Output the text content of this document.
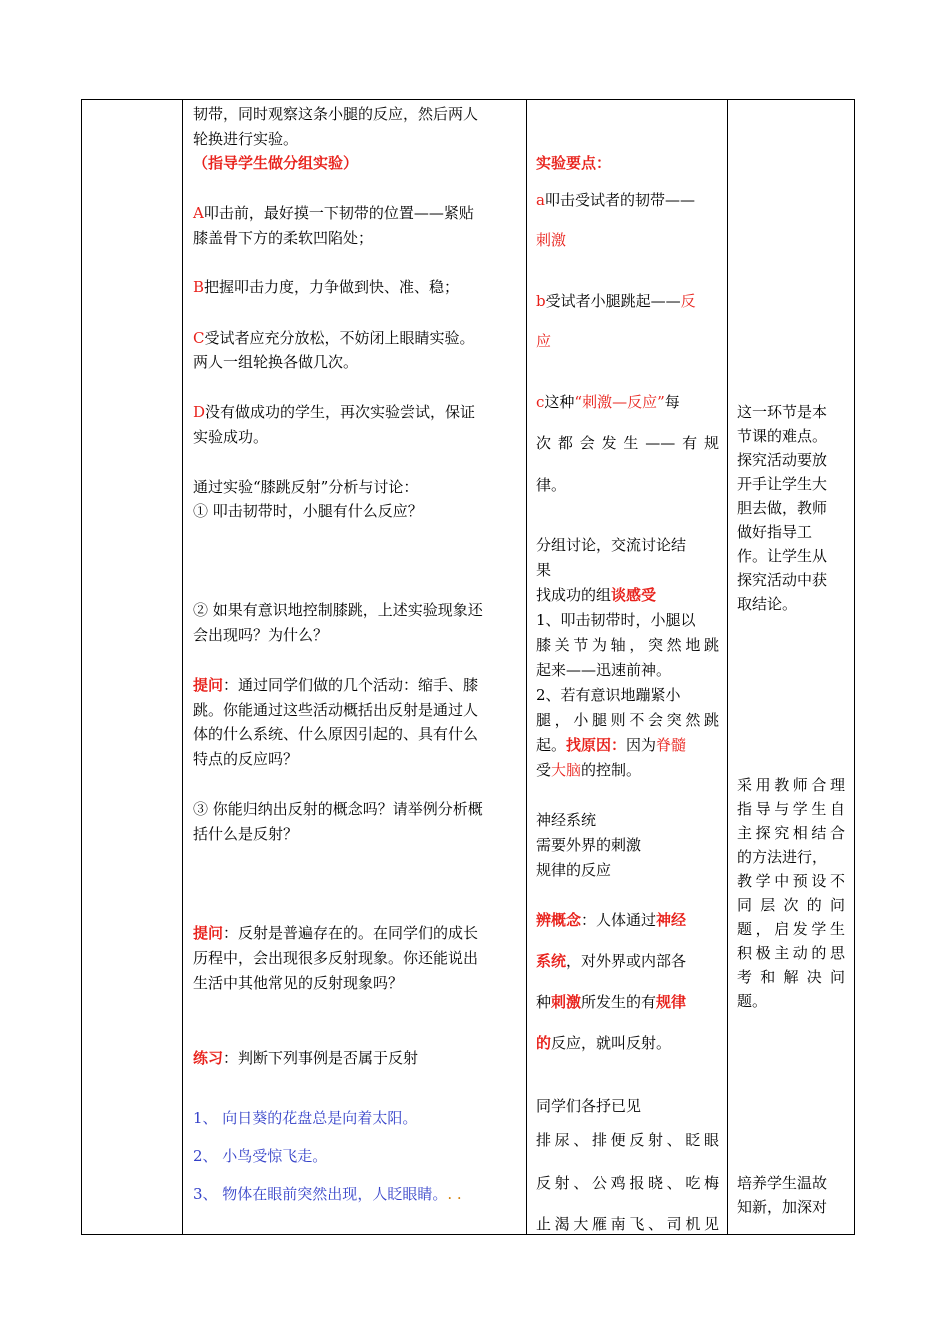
韧带，同时观察这条小腿的反应，然后两人
轮换进行实验。
（指导学生做分组实验）
A叩击前，最好摸一下韧带的位置——紧贴
膝盖骨下方的柔软凹陷处；
B把握叩击力度，力争做到快、准、稳；
C受试者应充分放松，不妨闭上眼睛实验。
两人一组轮换各做几次。
D没有做成功的学生，再次实验尝试，保证
实验成功。
通过实验“膝跳反射”分析与讨论：
① 叩击韧带时，小腿有什么反应？
② 如果有意识地控制膝跳，上述实验现象还
会出现吗？为什么？
提问：通过同学们做的几个活动：缩手、膝
跳。你能通过这些活动概括出反射是通过人
体的什么系统、什么原因引起的、具有什么
特点的反应吗？
③ 你能归纳出反射的概念吗？请举例分析概
括什么是反射？
提问：反射是普遍存在的。在同学们的成长
历程中，会出现很多反射现象。你还能说出
生活中其他常见的反射现象吗？
练习：判断下列事例是否属于反射
1、 向日葵的花盘总是向着太阳。
2、 小鸟受惊飞走。
3、 物体在眼前突然出现，人眨眼睛。. .

实验要点：
a叩击受试者的韧带——
刺激
b受试者小腿跳起——反
应
c这种“刺激—反应”每
次都会发生——有规
律。
分组讨论，交流讨论结
果
找成功的组谈感受
1、叩击韧带时，小腿以
膝关节为轴，突然地跳
起来——迅速前神。
2、若有意识地蹦紧小
腿，小腿则不会突然跳
起。找原因：因为脊髓
受大脑的控制。
神经系统
需要外界的刺激
规律的反应
辨概念：人体通过神经
系统，对外界或内部各
种刺激所发生的有规律
的反应，就叫反射。
同学们各抒已见
排尿、排便反射、眨眼
反射、公鸡报晓、吃梅
止渴大雁南飞、司机见

这一环节是本
节课的难点。
探究活动要放
开手让学生大
胆去做，教师
做好指导工
作。让学生从
探究活动中获
取结论。
采用教师合理
指导与学生自
主探究相结合
的方法进行，
教学中预设不
同层次的问
题，启发学生
积极主动的思
考和解决问
题。
培养学生温故
知新，加深对
